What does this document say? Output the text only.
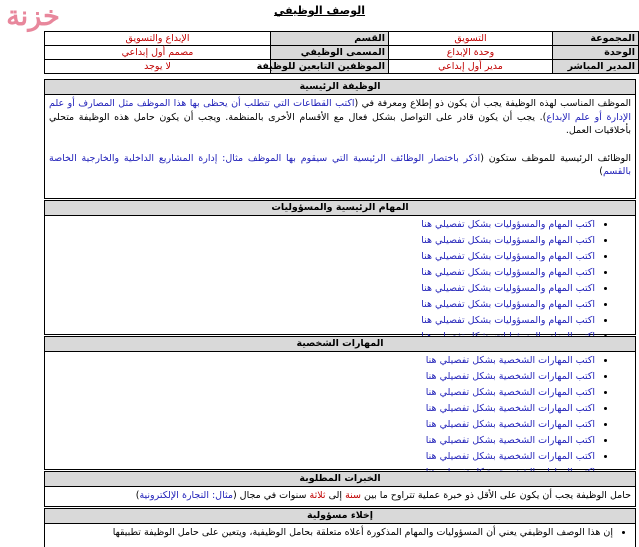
خزنة	الوصف الوظيفي
المجموعة	التسويق	القسم	الإبداع والتسويق
الوحدة	وحدة الإبداع	المسمى الوظيفي	مصمم أول إبداعي
المدير المباشر	مدير أول إبداعي	الموظفين التابعين للوظيفة	لا يوجد
الوظيفة الرئيسية
الموظف المناسب لهذه الوظيفة يجب أن يكون ذو إطلاع ومعرفة في (اكتب القطاعات التي تتطلب أن يحظى بها هذا الموظف مثل المصارف أو علم الإدارة أو علم الإبداع). يجب أن يكون قادر على التواصل بشكل فعال مع الأقسام الأخرى بالمنظمة. ويجب أن يكون حامل هذه الوظيفة متحلي بأخلاقيات العمل.
الوظائف الرئيسية للموظف ستكون (اذكر باختصار الوظائف الرئيسية التي سيقوم بها الموظف مثال: إدارة المشاريع الداخلية والخارجية الخاصة بالقسم)
المهام الرئيسية والمسؤوليات
• اكتب المهام والمسؤوليات بشكل تفصيلي هنا
• اكتب المهام والمسؤوليات بشكل تفصيلي هنا
• اكتب المهام والمسؤوليات بشكل تفصيلي هنا
• اكتب المهام والمسؤوليات بشكل تفصيلي هنا
• اكتب المهام والمسؤوليات بشكل تفصيلي هنا
• اكتب المهام والمسؤوليات بشكل تفصيلي هنا
• اكتب المهام والمسؤوليات بشكل تفصيلي هنا
•
المهارات الشخصية
• اكتب المهارات الشخصية بشكل تفصيلي هنا
• اكتب المهارات الشخصية بشكل تفصيلي هنا
• اكتب المهارات الشخصية بشكل تفصيلي هنا
• اكتب المهارات الشخصية بشكل تفصيلي هنا
• اكتب المهارات الشخصية بشكل تفصيلي هنا
• اكتب المهارات الشخصية بشكل تفصيلي هنا
• اكتب المهارات الشخصية بشكل تفصيلي هنا
•
الخبرات المطلوبة
حامل الوظيفة يجب أن يكون على الأقل ذو خبرة عملية تتراوح ما بين سنة إلى ثلاثة سنوات في مجال (مثال: التجارة الإلكترونية)
إخلاء مسؤولية
• إن هذا الوصف الوظيفي يعني أن المسؤوليات والمهام المذكورة أعلاه متعلقة بحامل الوظيفية، ويتعين على حامل الوظيفة تطبيقها
